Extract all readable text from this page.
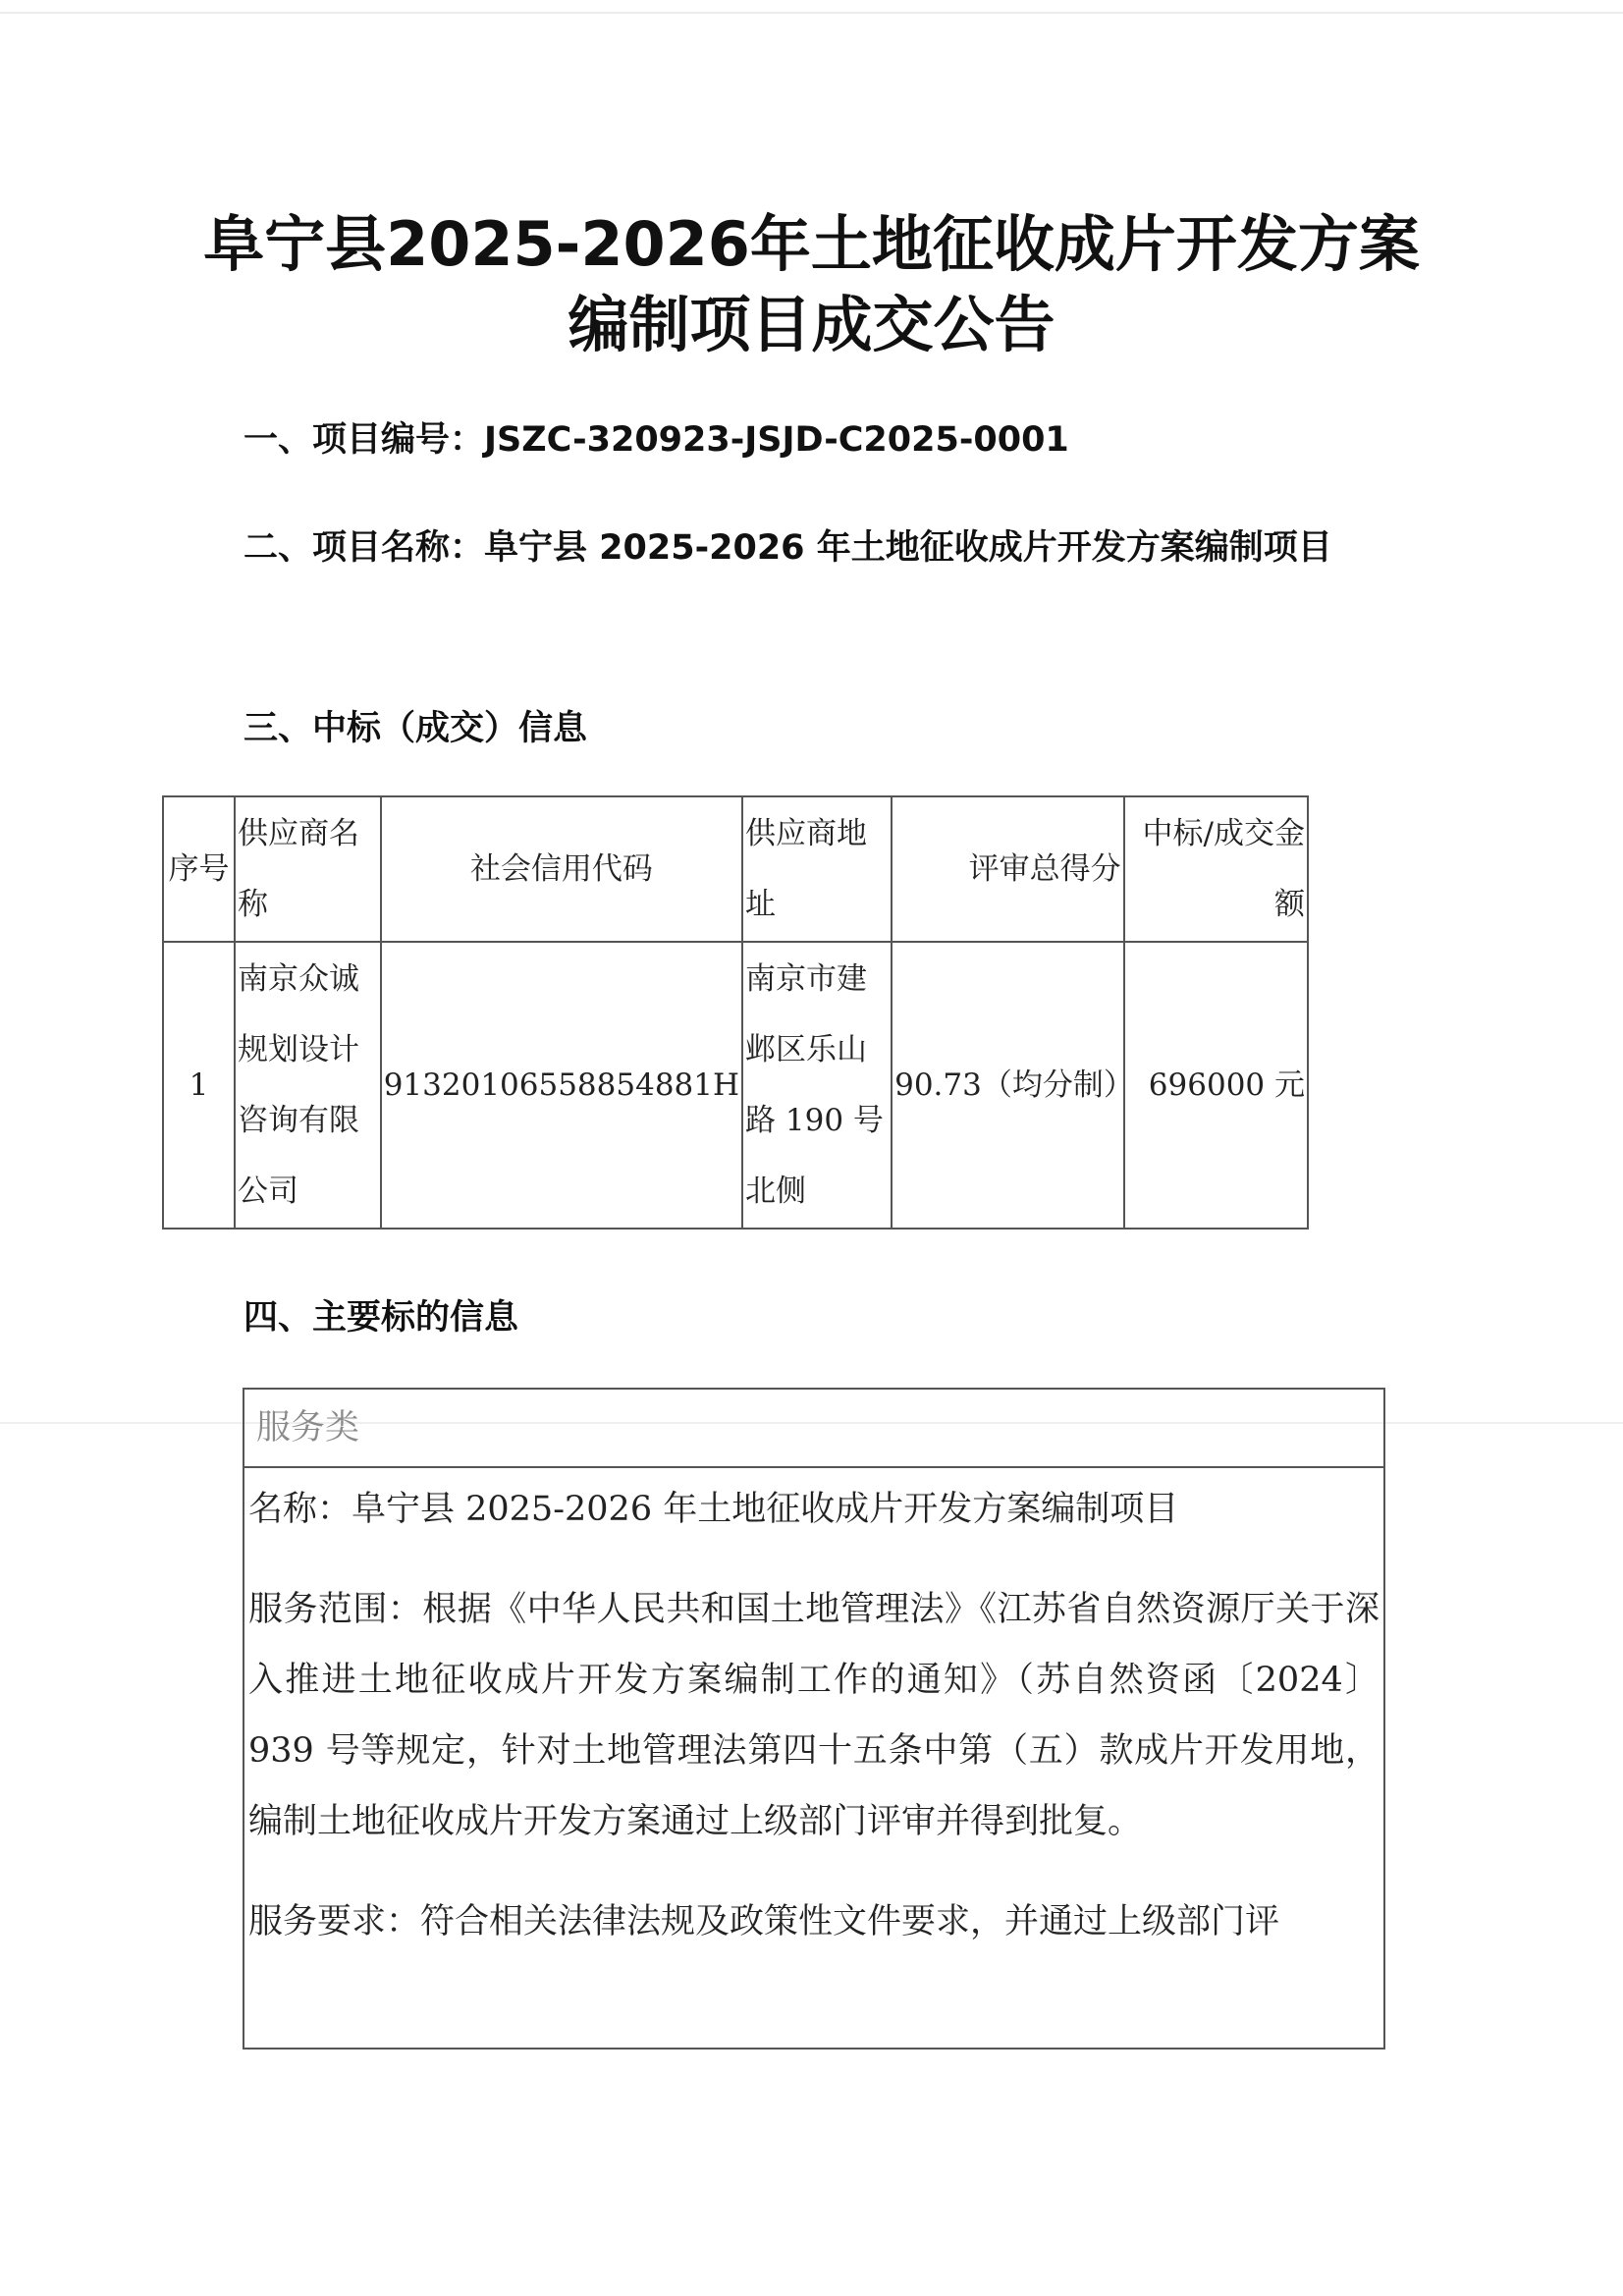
阜宁县2025-2026年土地征收成片开发方案
编制项目成交公告
一、项目编号：JSZC-320923-JSJD-C2025-0001
二、项目名称：阜宁县 2025-2026 年土地征收成片开发方案编制项目
三、中标（成交）信息
序号	供应商名称	社会信用代码	供应商地址	评审总得分	中标/成交金额
1	南京众诚规划设计咨询有限公司	91320106558854881H	南京市建邺区乐山路 190 号北侧	90.73（均分制）	696000 元
四、主要标的信息
服务类

名称：阜宁县 2025-2026 年土地征收成片开发方案编制项目

服务范围：根据《中华人民共和国土地管理法》《江苏省自然资源厅关于深入推进土地征收成片开发方案编制工作的通知》（苏自然资函〔2024〕939 号等规定，针对土地管理法第四十五条中第（五）款成片开发用地，编制土地征收成片开发方案通过上级部门评审并得到批复。

服务要求：符合相关法律法规及政策性文件要求，并通过上级部门评
